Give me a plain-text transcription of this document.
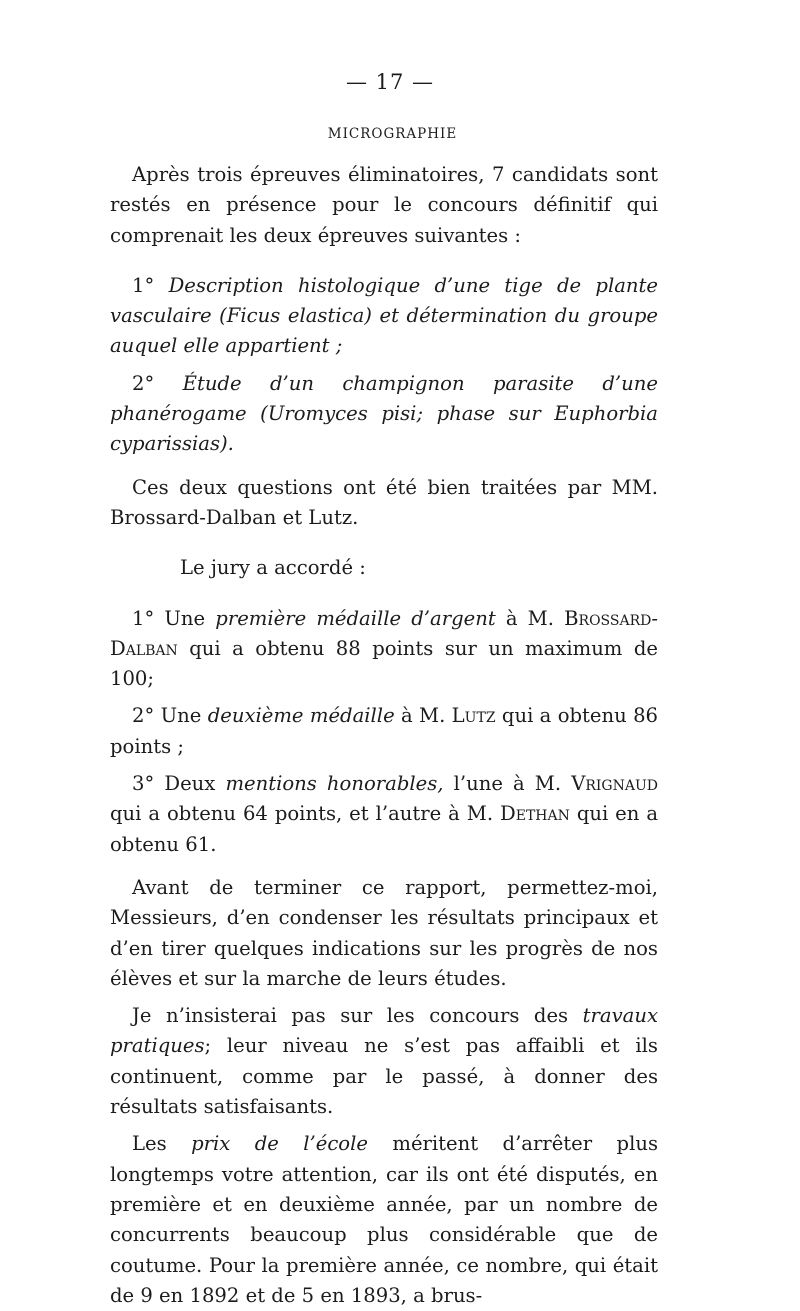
— 17 —
MICROGRAPHIE

Après trois épreuves éliminatoires, 7 candidats sont restés en présence pour le concours définitif qui comprenait les deux épreuves suivantes :

1° Description histologique d’une tige de plante vasculaire (Ficus elastica) et détermination du groupe auquel elle appartient ;

2° Étude d’un champignon parasite d’une phanérogame (Uromyces pisi; phase sur Euphorbia cyparissias).

Ces deux questions ont été bien traitées par MM. Brossard-Dalban et Lutz.

Le jury a accordé :

1° Une première médaille d’argent à M. Brossard-Dalban qui a obtenu 88 points sur un maximum de 100;

2° Une deuxième médaille à M. Lutz qui a obtenu 86 points ;

3° Deux mentions honorables, l’une à M. Vrignaud qui a obtenu 64 points, et l’autre à M. Dethan qui en a obtenu 61.

Avant de terminer ce rapport, permettez-moi, Messieurs, d’en condenser les résultats principaux et d’en tirer quelques indications sur les progrès de nos élèves et sur la marche de leurs études.

Je n’insisterai pas sur les concours des travaux pratiques; leur niveau ne s’est pas affaibli et ils continuent, comme par le passé, à donner des résultats satisfaisants.

Les prix de l’école méritent d’arrêter plus longtemps votre attention, car ils ont été disputés, en première et en deuxième année, par un nombre de concurrents beaucoup plus considérable que de coutume. Pour la première année, ce nombre, qui était de 9 en 1892 et de 5 en 1893, a brus-
